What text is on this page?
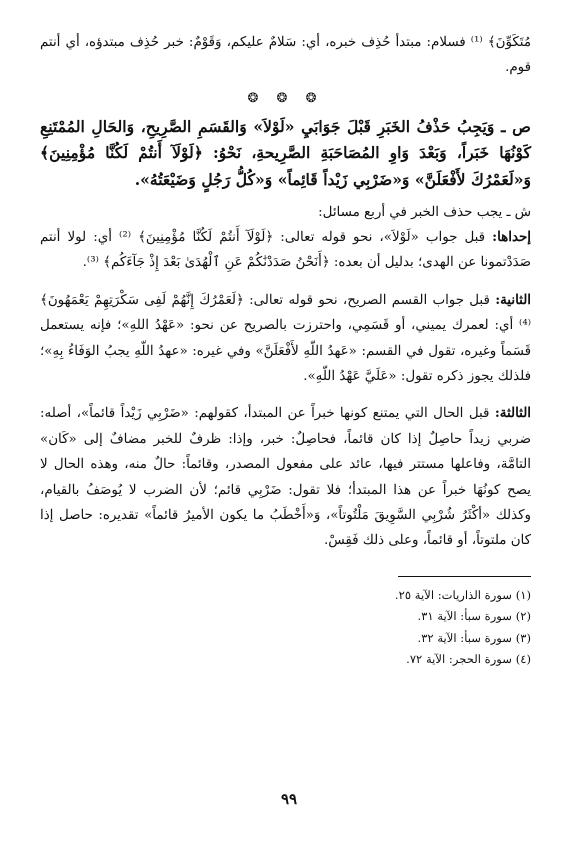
مُتَكَوِّنَ﴾ ⁽¹⁾ فسلام: مبتدأ حُذِف خبره، أي: سَلامٌ عليكم، وَقَوْمٌ: خبر حُذِف مبتدؤه، أي أنتم قوم.

❂ ❂ ❂

ص ـ وَيَجِبُ حَذْفُ الخَبَرِ قَبْلَ جَوَابَيِ «لَوْلاَ» وَالقَسَمِ الصَّرِيحِ، وَالحَالِ المُمْتَنِعِ كَوْنُهَا خَبَراً، وَبَعْدَ وَاوِ المُصَاحَبَةِ الصَّرِيحةِ، نَحْوُ: ﴿لَوْلَآ أَنتُمْ لَكُنَّا مُؤْمِنِينَ﴾ وَ«لَعَمْرُكَ لأَفْعَلَنَّ» وَ«ضَرْبِي زَيْداً قَائِماً» وَ«كُلُّ رَجُلٍ وَضَيْعَتُهُ».

ش ـ يجب حذف الخبر في أربع مسائل:

إحداها: قبل جواب «لَوْلاَ»، نحو قوله تعالى: ﴿لَوْلَآ أَنتُمْ لَكُنَّا مُؤْمِنِينَ﴾ ⁽²⁾ أي: لولا أنتم صَدَدْتمونا عن الهدى؛ بدليل أن بعده: ﴿أَنَحْنُ صَدَدْنَٰكُمْ عَنِ ٱلْهُدَىٰ بَعْدَ إِذْ جَآءَكُم﴾ ⁽³⁾.

الثانية: قبل جواب القسم الصريح، نحو قوله تعالى: ﴿لَعَمْرُكَ إِنَّهُمْ لَفِى سَكْرَتِهِمْ يَعْمَهُونَ﴾ ⁽⁴⁾ أي: لعمرك يميني، أو قَسَمِي، واحترزت بالصريح عن نحو: «عَهْدُ اللهِ»؛ فإنه يستعمل قَسَماً وغيره، تقول في القسم: «عَهدُ اللّهِ لأَفْعَلَنَّ» وفي غيره: «عهدُ اللّهِ يجبُ الوَفَاءُ بِهِ»؛ فلذلك يجوز ذكره تقول: «عَلَيَّ عَهْدُ اللّهِ».

الثالثة: قبل الحال التي يمتنع كونها خبراً عن المبتدأ، كقولهم: «ضَرْبِي زَيْداً قائماً»، أصله: ضربي زيداً حاصِلٌ إذا كان قائماً، فحاصِلٌ: خبر، وإذا: ظرفٌ للخبر مضافٌ إلى «كَان» التامَّة، وفاعلها مستتر فيها، عائد على مفعول المصدر، وقائماً: حالٌ منه، وهذه الحال لا يصح كونُهَا خبراً عن هذا المبتدأ؛ فلا تقول: ضَرْبِي قائم؛ لأن الضرب لا يُوصَفُ بالقيام، وكذلك «أكْثَرُ شُرْبِي السَّوِيقَ مَلْتُوتاً»، وَ«أَخْطَبُ ما يكون الأميرُ قائماً» تقديره: حاصل إذا كان ملتوتاً، أو قائماً، وعلى ذلك فَقِسْ.

(١) سورة الذاريات: الآية ٢٥.
(٢) سورة سبأ: الآية ٣١.
(٣) سورة سبأ: الآية ٣٢.
(٤) سورة الحجر: الآية ٧٢.
٩٩
